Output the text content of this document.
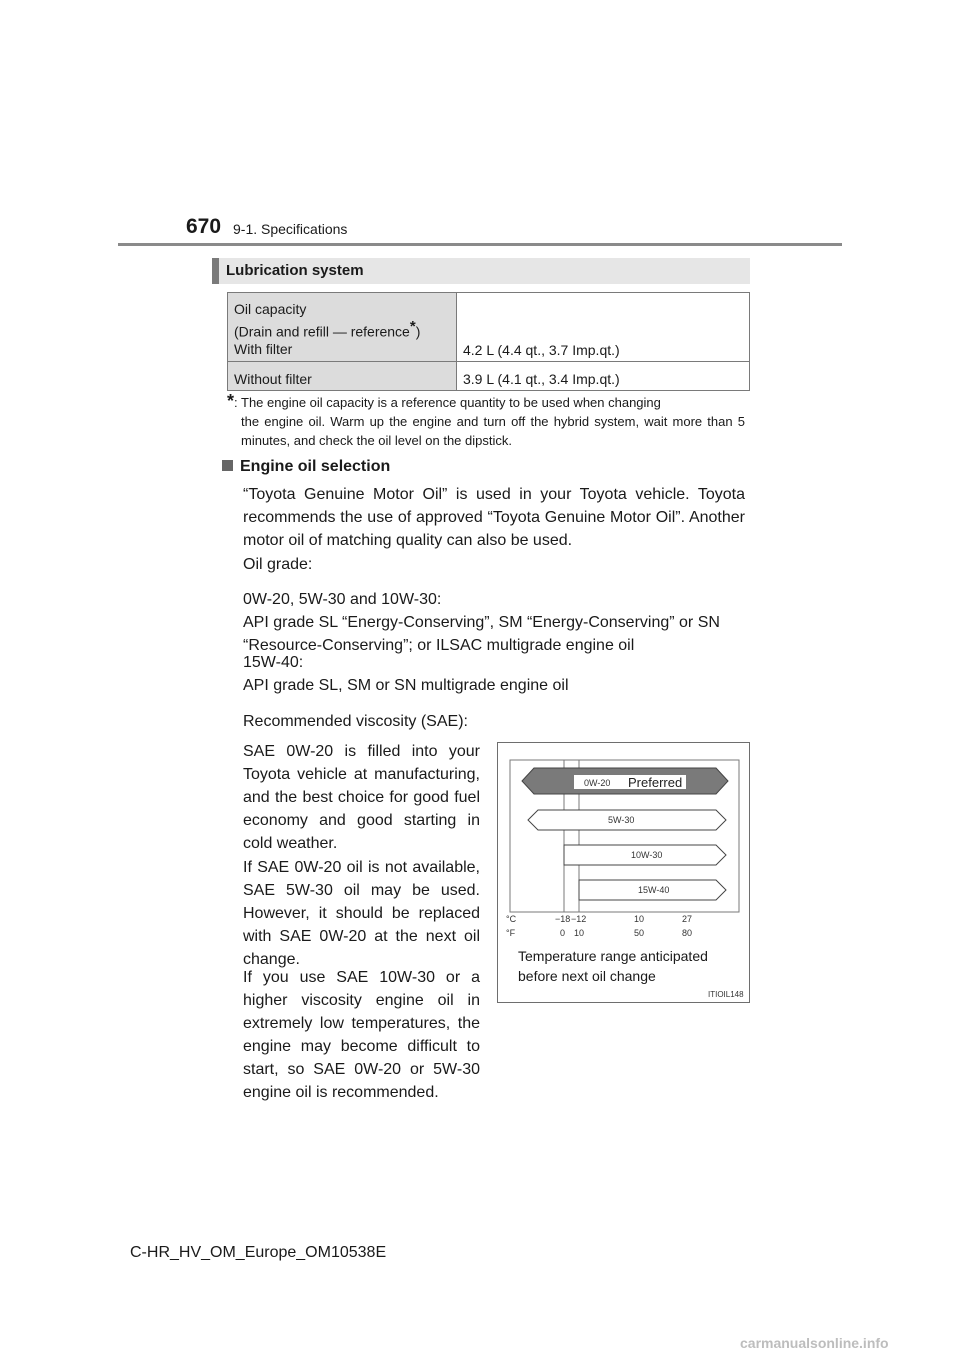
670 9-1. Specifications
Lubrication system
Oil capacity
(Drain and refill — reference*)
With filter	4.2 L (4.4 qt., 3.7 Imp.qt.)
Without filter	3.9 L (4.1 qt., 3.4 Imp.qt.)
*: The engine oil capacity is a reference quantity to be used when changing
the engine oil. Warm up the engine and turn off the hybrid system, wait more than 5 minutes, and check the oil level on the dipstick.
Engine oil selection
“Toyota Genuine Motor Oil” is used in your Toyota vehicle. Toyota recommends the use of approved “Toyota Genuine Motor Oil”. Another motor oil of matching quality can also be used.
Oil grade:
0W-20, 5W-30 and 10W-30:
API grade SL “Energy-Conserving”, SM “Energy-Conserving” or SN “Resource-Conserving”; or ILSAC multigrade engine oil
15W-40:
API grade SL, SM or SN multigrade engine oil
Recommended viscosity (SAE):
SAE 0W-20 is filled into your Toyota vehicle at manufacturing, and the best choice for good fuel economy and good starting in cold weather.
If SAE 0W-20 oil is not available, SAE 5W-30 oil may be used. However, it should be replaced with SAE 0W-20 at the next oil change.
If you use SAE 10W-30 or a higher viscosity engine oil in extremely low temperatures, the engine may become difficult to start, so SAE 0W-20 or 5W-30 engine oil is recommended.
0W-20 Preferred
5W-30
10W-30
15W-40
°C
°F
−18 −12	10	27
0 10	50	80
Temperature range anticipated before next oil change
ITIOIL148
C-HR_HV_OM_Europe_OM10538E
carmanualsonline.info
